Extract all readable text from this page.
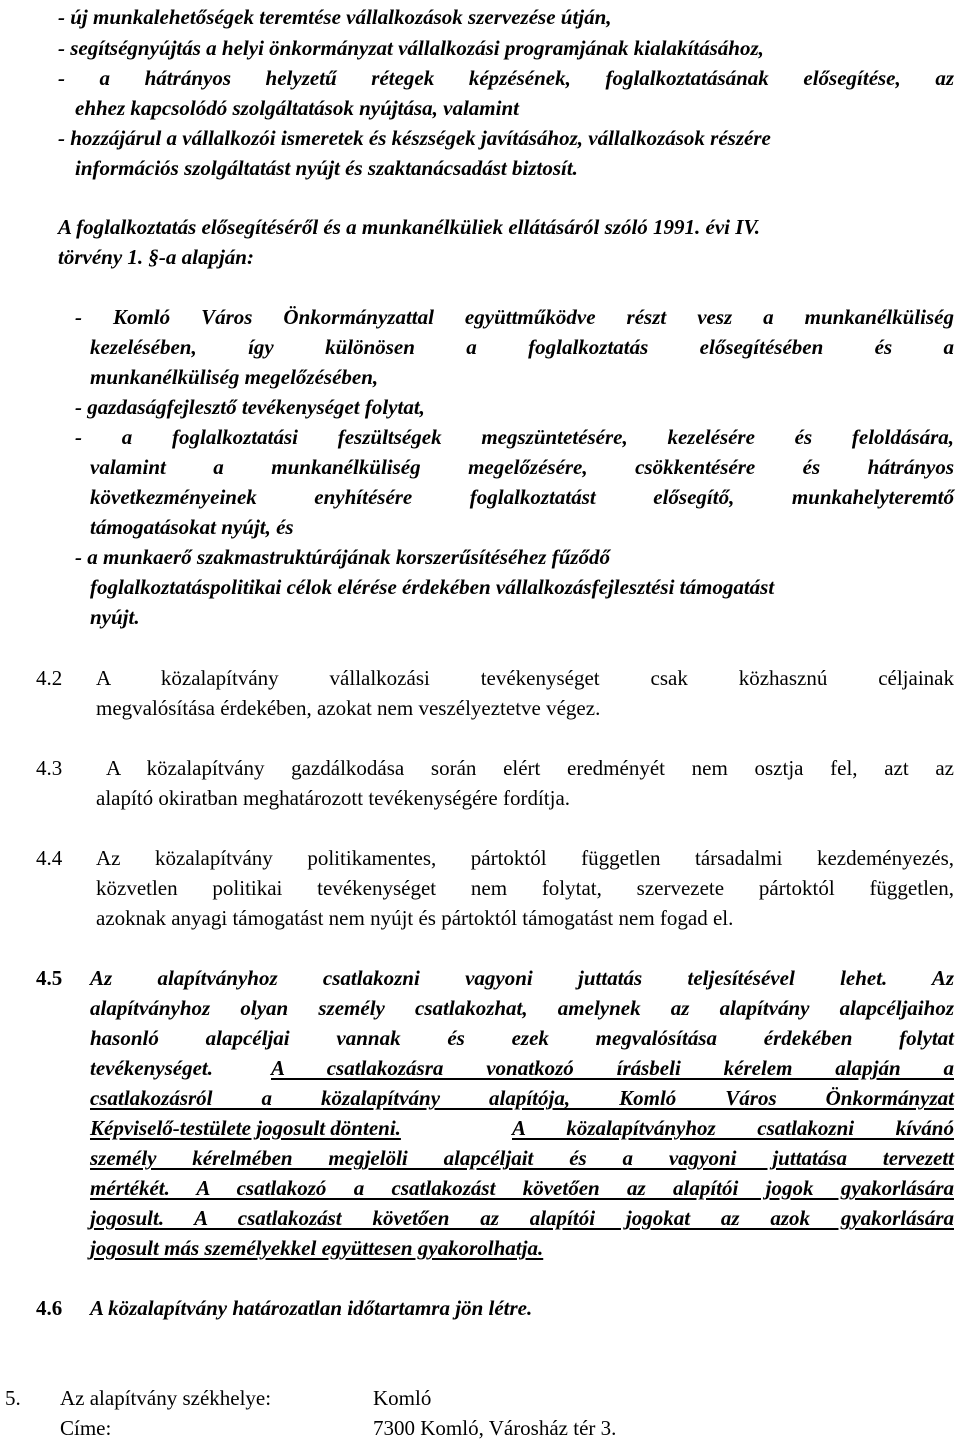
- új munkalehetőségek teremtése vállalkozások szervezése útján,
- segítségnyújtás a helyi önkormányzat vállalkozási programjának kialakításához,
- a hátrányos helyzetű rétegek képzésének, foglalkoztatásának elősegítése, az
ehhez kapcsolódó szolgáltatások nyújtása, valamint
- hozzájárul a vállalkozói ismeretek és készségek javításához, vállalkozások részére
információs szolgáltatást nyújt és szaktanácsadást biztosít.
A foglalkoztatás elősegítéséről és a munkanélküliek ellátásáról szóló 1991. évi IV.
törvény 1. §-a alapján:
- Komló Város Önkormányzattal együttműködve részt vesz a munkanélküliség
kezelésében, így különösen a foglalkoztatás elősegítésében és a
munkanélküliség megelőzésében,
- gazdaságfejlesztő tevékenységet folytat,
- a foglalkoztatási feszültségek megszüntetésére, kezelésére és feloldására,
valamint a munkanélküliség megelőzésére, csökkentésére és hátrányos
következményeinek enyhítésére foglalkoztatást elősegítő, munkahelyteremtő
támogatásokat nyújt, és
- a munkaerő szakmastruktúrájának korszerűsítéséhez fűződő
foglalkoztatáspolitikai célok elérése érdekében vállalkozásfejlesztési támogatást
nyújt.
4.2 A közalapítvány vállalkozási tevékenységet csak közhasznú céljainak
megvalósítása érdekében, azokat nem veszélyeztetve végez.
4.3 A közalapítvány gazdálkodása során elért eredményét nem osztja fel, azt az
alapító okiratban meghatározott tevékenységére fordítja.
4.4 Az közalapítvány politikamentes, pártoktól független társadalmi kezdeményezés,
közvetlen politikai tevékenységet nem folytat, szervezete pártoktól független,
azoknak anyagi támogatást nem nyújt és pártoktól támogatást nem fogad el.
4.5 Az alapítványhoz csatlakozni vagyoni juttatás teljesítésével lehet. Az
alapítványhoz olyan személy csatlakozhat, amelynek az alapítvány alapcéljaihoz
hasonló alapcéljai vannak és ezek megvalósítása érdekében folytat
tevékenységet.	A csatlakozásra vonatkozó írásbeli kérelem alapján a
csatlakozásról a közalapítvány alapítója, Komló Város Önkormányzat
Képviselő-testülete jogosult dönteni.	A közalapítványhoz csatlakozni kívánó
személy kérelmében megjelöli alapcéljait és a vagyoni juttatása tervezett
mértékét. A csatlakozó a csatlakozást követően az alapítói jogok gyakorlására
jogosult. A csatlakozást követően az alapítói jogokat az azok gyakorlására
jogosult más személyekkel együttesen gyakorolhatja.
4.6 A közalapítvány határozatlan időtartamra jön létre.
5. Az alapítvány székhelye:	Komló
Címe:	7300 Komló, Városház tér 3.
